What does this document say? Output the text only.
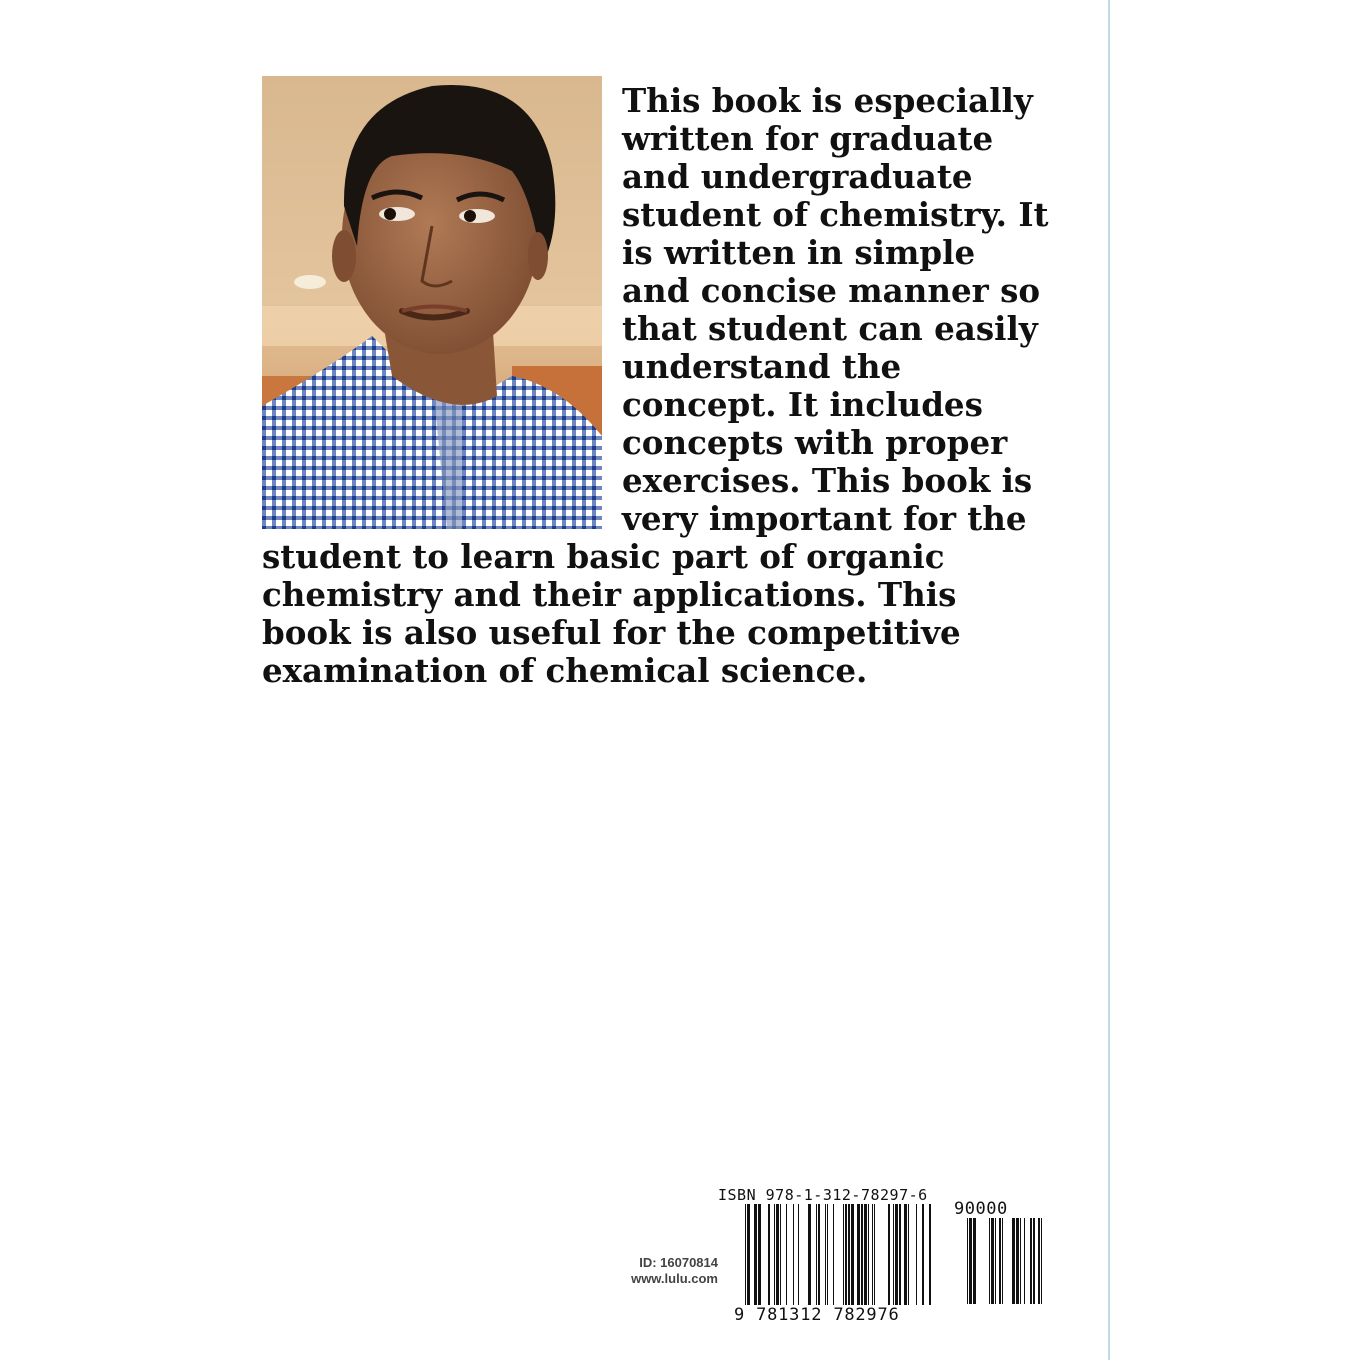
This book is especially written for graduate and undergraduate student of chemistry. It is written in simple and concise manner so that student can easily understand the concept. It includes concepts with proper exercises. This book is very important for the student to learn basic part of organic chemistry and their applications. This book is also useful for the competitive examination of chemical science.
ID: 16070814
www.lulu.com
ISBN 978-1-312-78297-6
90000
9 781312 782976
